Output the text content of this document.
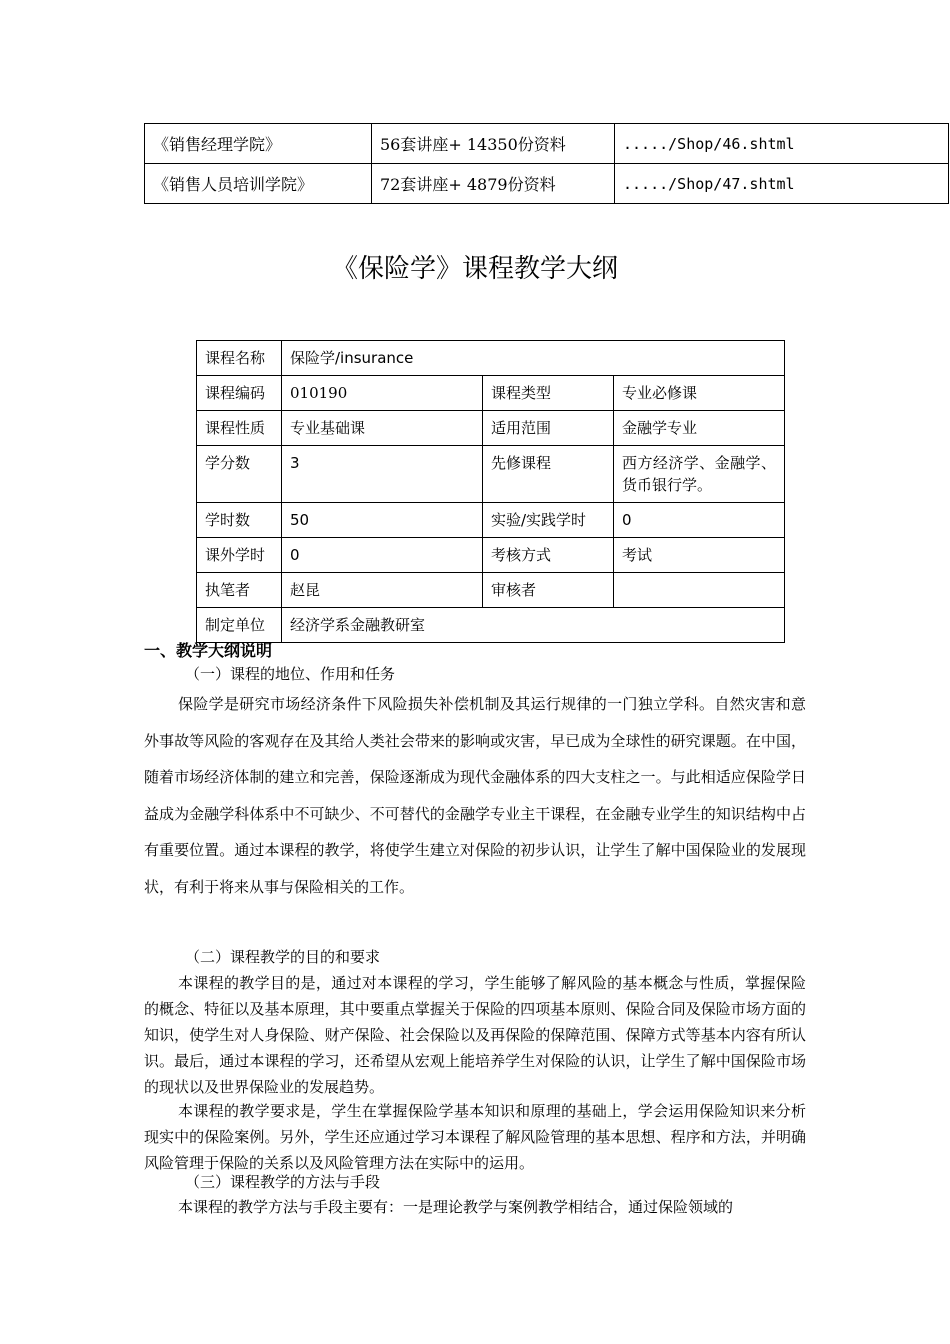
《销售经理学院》	56套讲座+ 14350份资料	...../Shop/46.shtml
《销售人员培训学院》	72套讲座+ 4879份资料	...../Shop/47.shtml
《保险学》课程教学大纲
课程名称	保险学/insurance		
课程编码	010190	课程类型	专业必修课
课程性质	专业基础课	适用范围	金融学专业
学分数	3	先修课程	西方经济学、金融学、货币银行学。
学时数	50	实验/实践学时	0
课外学时	0	考核方式	考试
执笔者	赵昆	审核者	
制定单位	经济学系金融教研室		
一、教学大纲说明
（一）课程的地位、作用和任务

保险学是研究市场经济条件下风险损失补偿机制及其运行规律的一门独立学科。自然灾害和意外事故等风险的客观存在及其给人类社会带来的影响或灾害，早已成为全球性的研究课题。在中国，随着市场经济体制的建立和完善，保险逐渐成为现代金融体系的四大支柱之一。与此相适应保险学日益成为金融学科体系中不可缺少、不可替代的金融学专业主干课程，在金融专业学生的知识结构中占有重要位置。通过本课程的教学，将使学生建立对保险的初步认识，让学生了解中国保险业的发展现状，有利于将来从事与保险相关的工作。

（二）课程教学的目的和要求

本课程的教学目的是，通过对本课程的学习，学生能够了解风险的基本概念与性质，掌握保险的概念、特征以及基本原理，其中要重点掌握关于保险的四项基本原则、保险合同及保险市场方面的知识，使学生对人身保险、财产保险、社会保险以及再保险的保障范围、保障方式等基本内容有所认识。最后，通过本课程的学习，还希望从宏观上能培养学生对保险的认识，让学生了解中国保险市场的现状以及世界保险业的发展趋势。

本课程的教学要求是，学生在掌握保险学基本知识和原理的基础上，学会运用保险知识来分析现实中的保险案例。另外，学生还应通过学习本课程了解风险管理的基本思想、程序和方法，并明确风险管理于保险的关系以及风险管理方法在实际中的运用。

（三）课程教学的方法与手段

本课程的教学方法与手段主要有：一是理论教学与案例教学相结合，通过保险领域的
